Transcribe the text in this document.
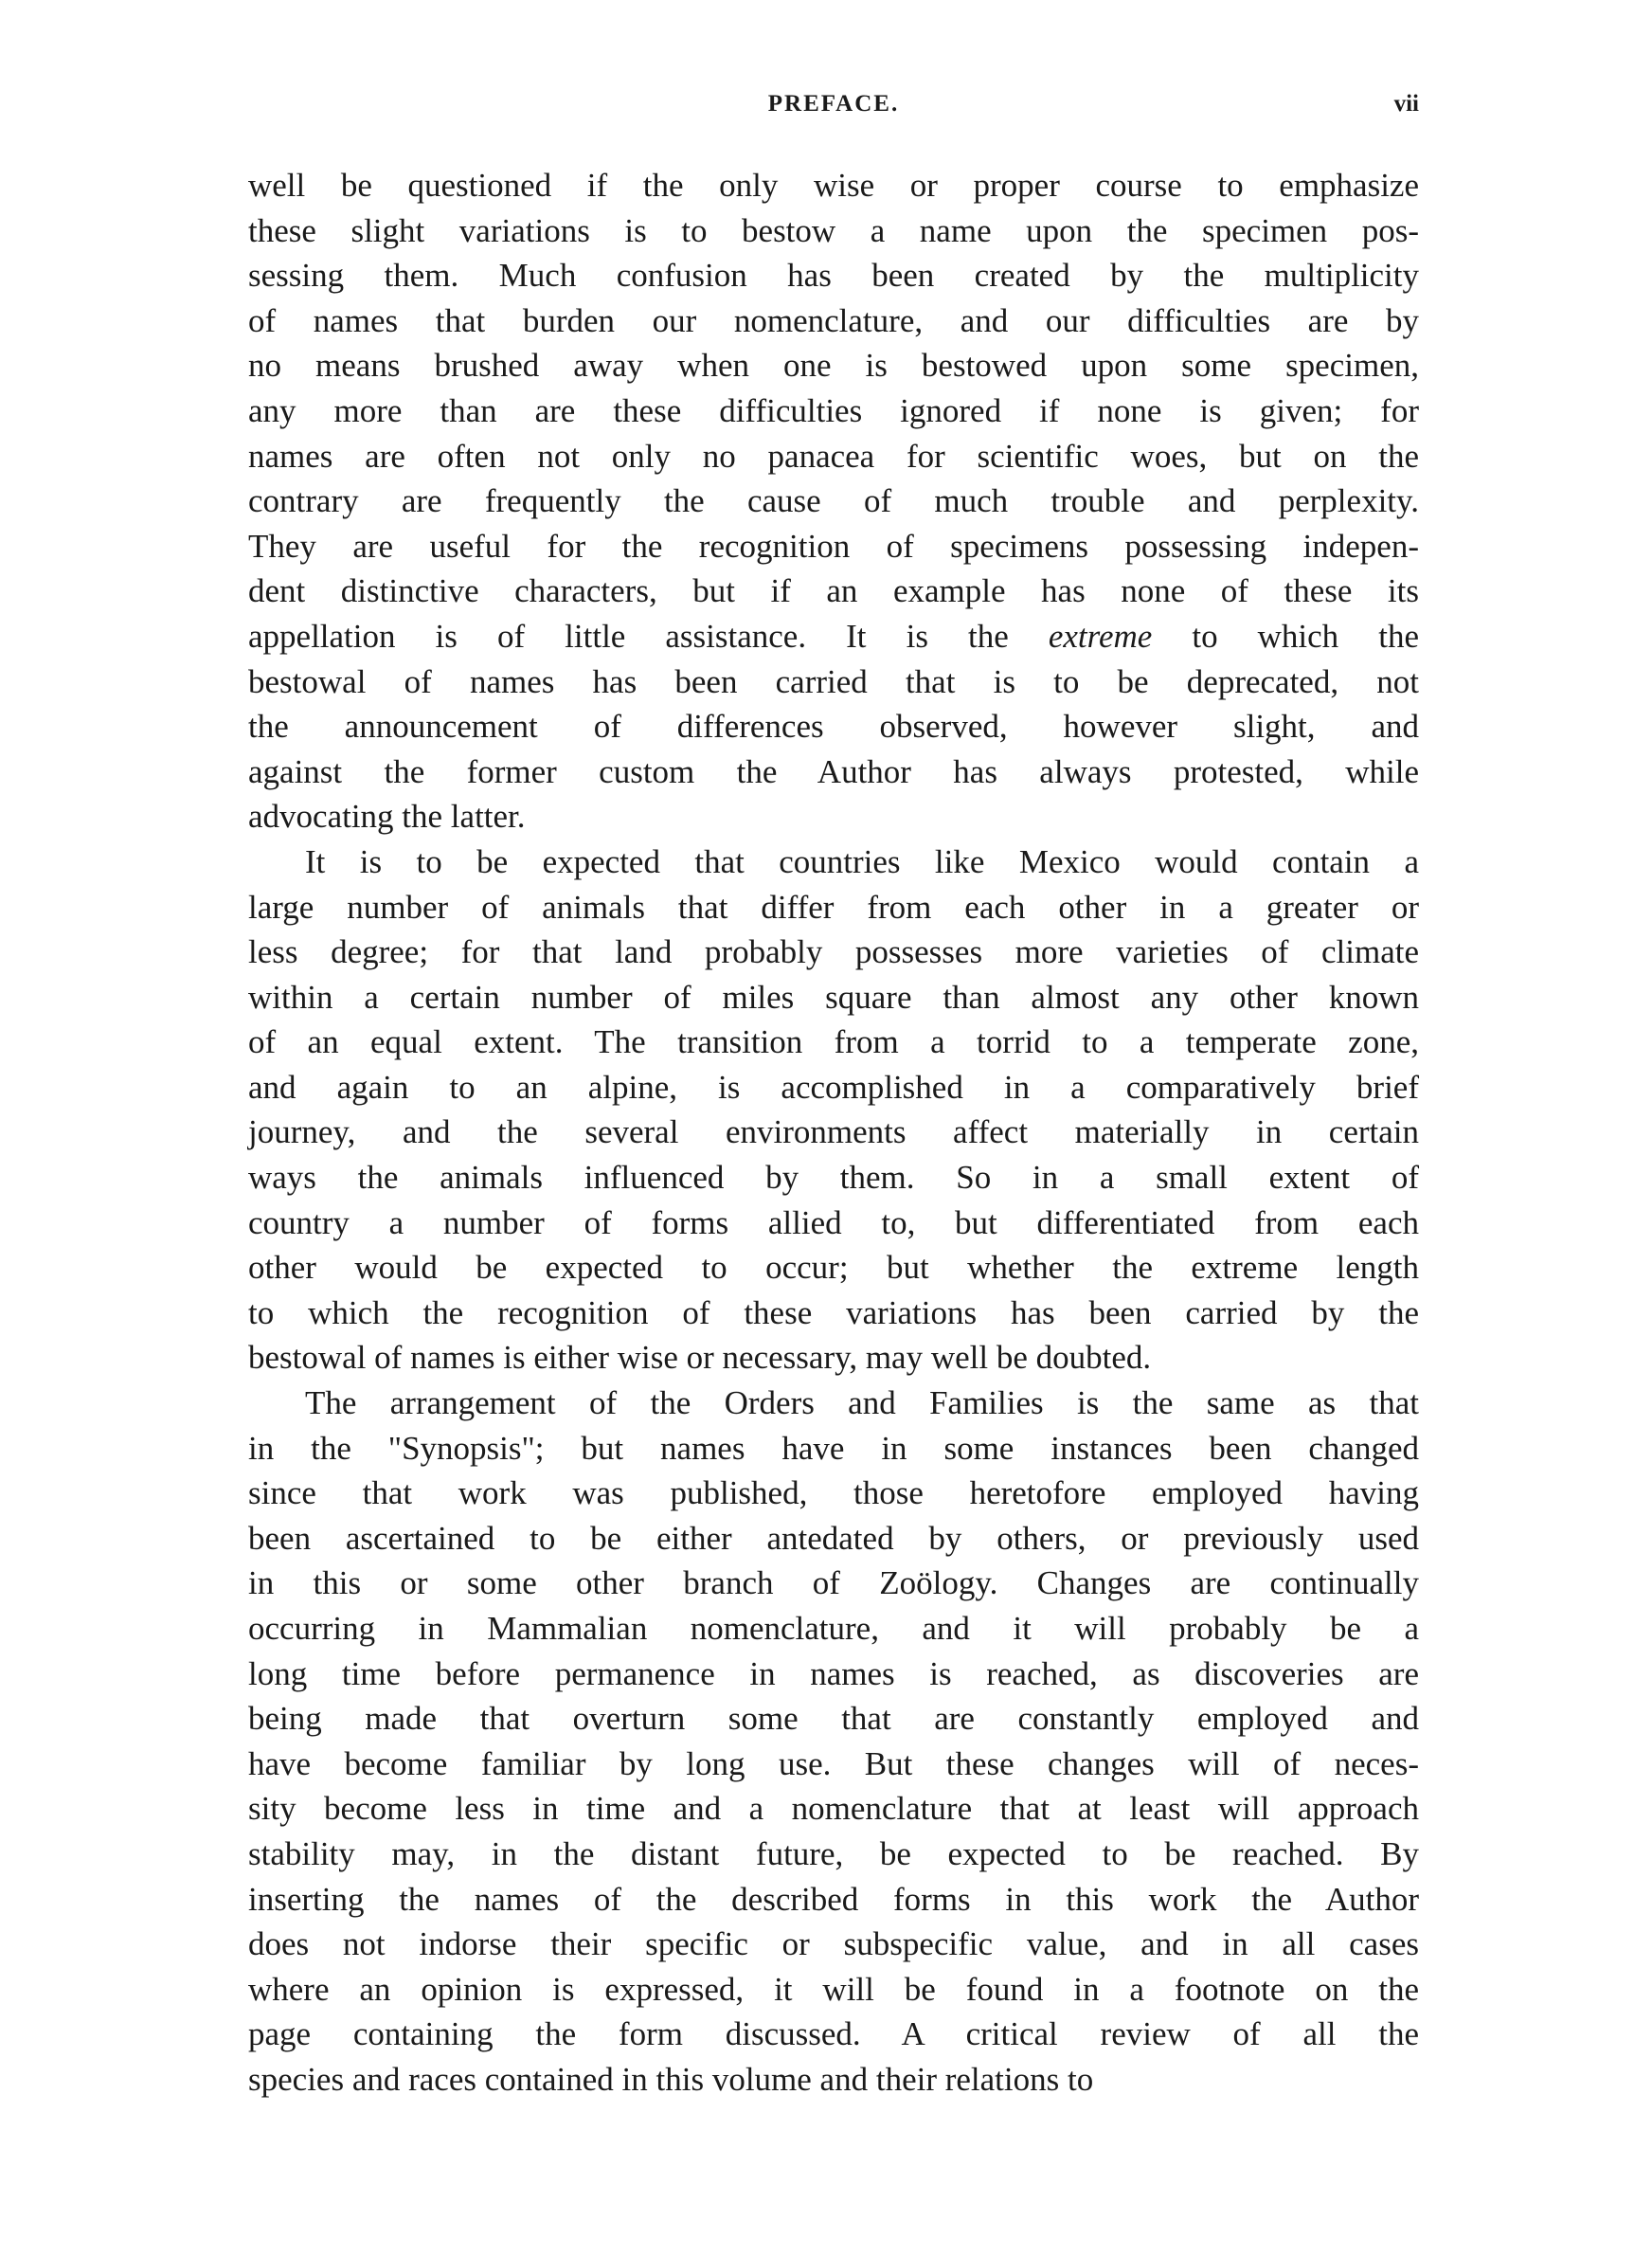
PREFACE.	vii
well be questioned if the only wise or proper course to emphasize
these slight variations is to bestow a name upon the specimen pos-
sessing them. Much confusion has been created by the multiplicity
of names that burden our nomenclature, and our difficulties are by
no means brushed away when one is bestowed upon some specimen,
any more than are these difficulties ignored if none is given; for
names are often not only no panacea for scientific woes, but on the
contrary are frequently the cause of much trouble and perplexity.
They are useful for the recognition of specimens possessing indepen-
dent distinctive characters, but if an example has none of these its
appellation is of little assistance. It is the extreme to which the
bestowal of names has been carried that is to be deprecated, not
the announcement of differences observed, however slight, and
against the former custom the Author has always protested, while
advocating the latter.
It is to be expected that countries like Mexico would contain a
large number of animals that differ from each other in a greater or
less degree; for that land probably possesses more varieties of climate
within a certain number of miles square than almost any other known
of an equal extent. The transition from a torrid to a temperate zone,
and again to an alpine, is accomplished in a comparatively brief
journey, and the several environments affect materially in certain
ways the animals influenced by them. So in a small extent of
country a number of forms allied to, but differentiated from each
other would be expected to occur; but whether the extreme length
to which the recognition of these variations has been carried by the
bestowal of names is either wise or necessary, may well be doubted.
The arrangement of the Orders and Families is the same as that
in the "Synopsis"; but names have in some instances been changed
since that work was published, those heretofore employed having
been ascertained to be either antedated by others, or previously used
in this or some other branch of Zoölogy. Changes are continually
occurring in Mammalian nomenclature, and it will probably be a
long time before permanence in names is reached, as discoveries are
being made that overturn some that are constantly employed and
have become familiar by long use. But these changes will of neces-
sity become less in time and a nomenclature that at least will approach
stability may, in the distant future, be expected to be reached. By
inserting the names of the described forms in this work the Author
does not indorse their specific or subspecific value, and in all cases
where an opinion is expressed, it will be found in a footnote on the
page containing the form discussed. A critical review of all the
species and races contained in this volume and their relations to
